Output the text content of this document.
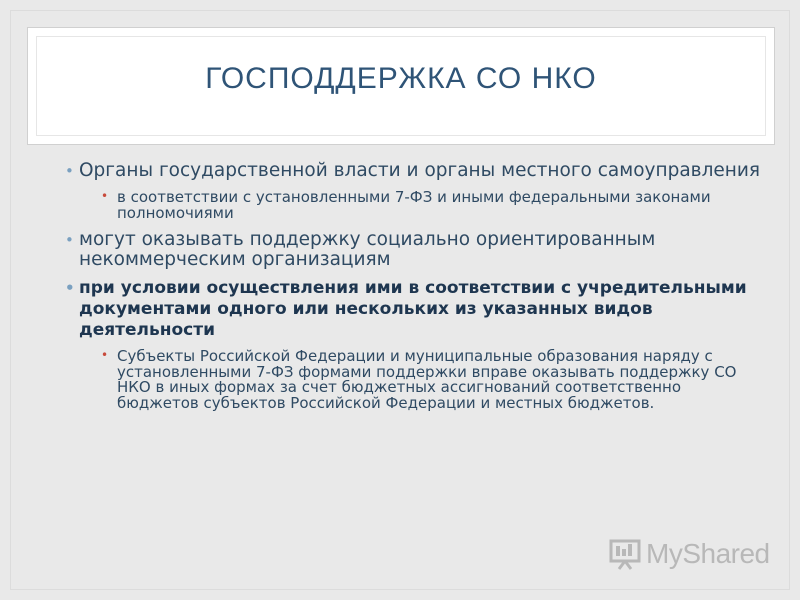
ГОСПОДДЕРЖКА СО НКО
• Органы государственной власти и органы местного самоуправления
• в соответствии с установленными 7-ФЗ и иными федеральными законами полномочиями
• могут оказывать поддержку социально ориентированным некоммерческим организациям
• при условии осуществления ими в соответствии с учредительными документами одного или нескольких из указанных видов деятельности
• Субъекты Российской Федерации и муниципальные образования наряду с установленными 7-ФЗ формами поддержки вправе оказывать поддержку СО НКО в иных формах за счет бюджетных ассигнований соответственно бюджетов субъектов Российской Федерации и местных бюджетов.
MyShared
